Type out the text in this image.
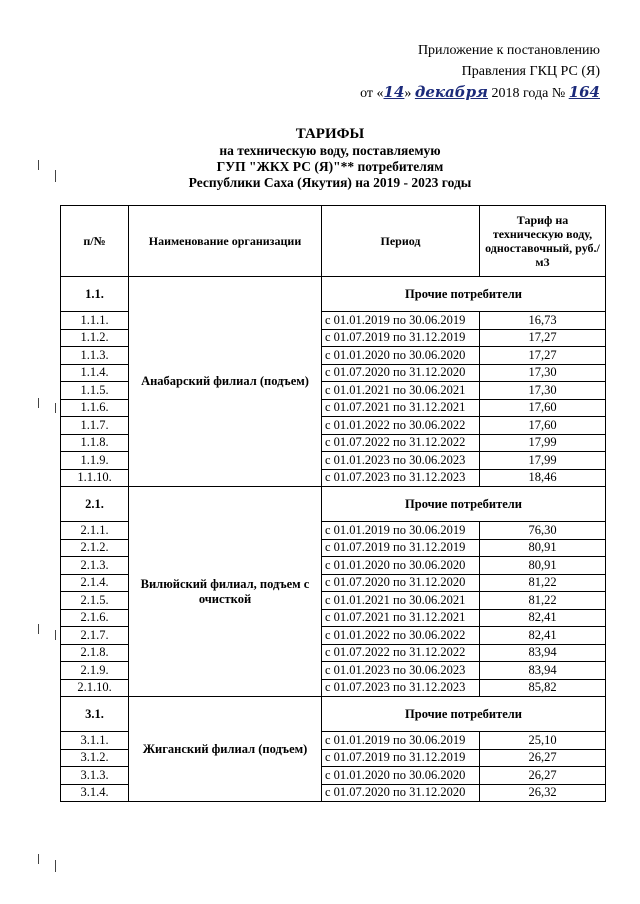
Приложение к постановлению
Правления ГКЦ РС (Я)
от «14» декабря 2018 года № 164
ТАРИФЫ
на техническую воду, поставляемую
ГУП "ЖКХ РС (Я)"** потребителям
Республики Саха (Якутия) на 2019 - 2023 годы
п/№	Наименование организации	Период	Тариф на техническую воду, одноставочный, руб./м3
1.1.	Анабарский филиал (подъем)	Прочие потребители	
1.1.1.		с 01.01.2019 по 30.06.2019	16,73
1.1.2.		с 01.07.2019 по 31.12.2019	17,27
1.1.3.		с 01.01.2020 по 30.06.2020	17,27
1.1.4.		с 01.07.2020 по 31.12.2020	17,30
1.1.5.		с 01.01.2021 по 30.06.2021	17,30
1.1.6.		с 01.07.2021 по 31.12.2021	17,60
1.1.7.		с 01.01.2022 по 30.06.2022	17,60
1.1.8.		с 01.07.2022 по 31.12.2022	17,99
1.1.9.		с 01.01.2023 по 30.06.2023	17,99
1.1.10.		с 01.07.2023 по 31.12.2023	18,46
2.1.	Вилюйский филиал, подъем с очисткой	Прочие потребители	
2.1.1.		с 01.01.2019 по 30.06.2019	76,30
2.1.2.		с 01.07.2019 по 31.12.2019	80,91
2.1.3.		с 01.01.2020 по 30.06.2020	80,91
2.1.4.		с 01.07.2020 по 31.12.2020	81,22
2.1.5.		с 01.01.2021 по 30.06.2021	81,22
2.1.6.		с 01.07.2021 по 31.12.2021	82,41
2.1.7.		с 01.01.2022 по 30.06.2022	82,41
2.1.8.		с 01.07.2022 по 31.12.2022	83,94
2.1.9.		с 01.01.2023 по 30.06.2023	83,94
2.1.10.		с 01.07.2023 по 31.12.2023	85,82
3.1.	Жиганский филиал (подъем)	Прочие потребители	
3.1.1.		с 01.01.2019 по 30.06.2019	25,10
3.1.2.		с 01.07.2019 по 31.12.2019	26,27
3.1.3.		с 01.01.2020 по 30.06.2020	26,27
3.1.4.		с 01.07.2020 по 31.12.2020	26,32
